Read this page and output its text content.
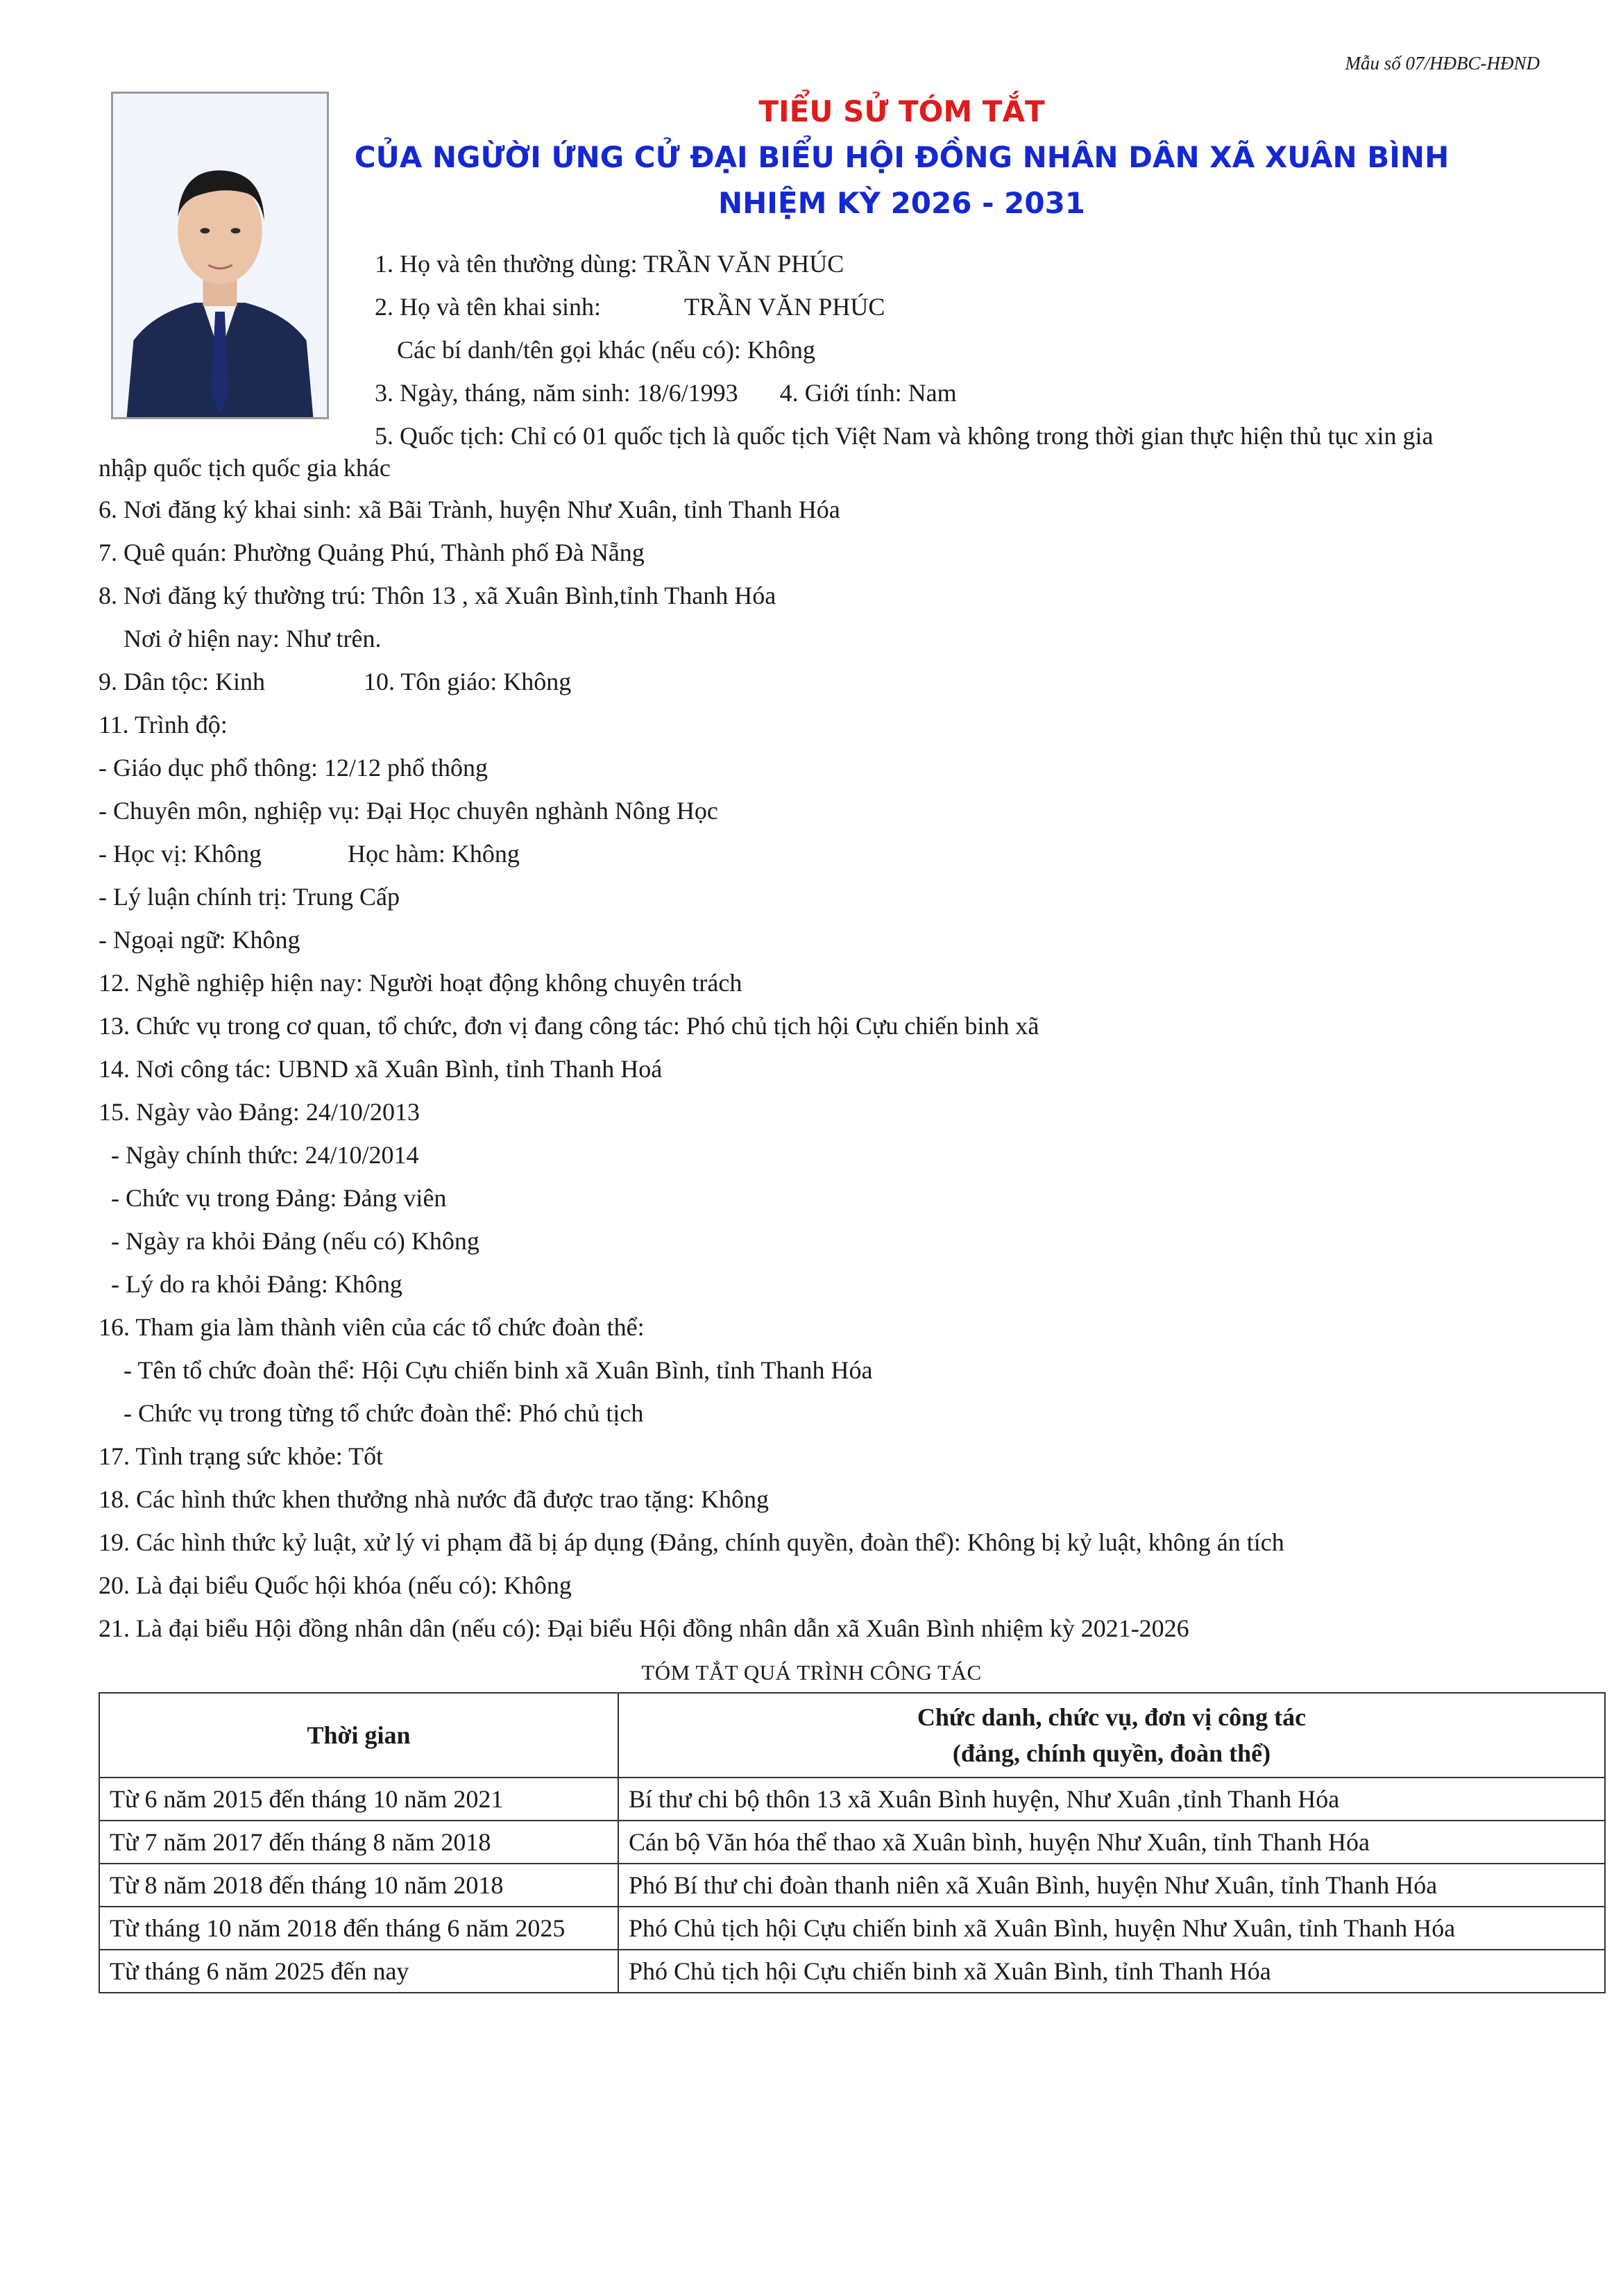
Mẫu số 07/HĐBC-HĐND
TIỂU SỬ TÓM TẮT
CỦA NGỪỜI ỨNG CỬ ĐẠI BIỂU HỘI ĐỒNG NHÂN DÂN XÃ XUÂN BÌNH
NHIỆM KỲ 2026 - 2031
1. Họ và tên thường dùng: TRẦN VĂN PHÚC
2. Họ và tên khai sinh:	TRẦN VĂN PHÚC
Các bí danh/tên gọi khác (nếu có): Không
3. Ngày, tháng, năm sinh: 18/6/1993 4. Giới tính: Nam
5. Quốc tịch: Chỉ có 01 quốc tịch là quốc tịch Việt Nam và không trong thời gian thực hiện thủ tục xin gia
nhập quốc tịch quốc gia khác
6. Nơi đăng ký khai sinh: xã Bãi Trành, huyện Như Xuân, tỉnh Thanh Hóa
7. Quê quán: Phường Quảng Phú, Thành phố Đà Nẵng
8. Nơi đăng ký thường trú: Thôn 13 , xã Xuân Bình,tỉnh Thanh Hóa
Nơi ở hiện nay: Như trên.
9. Dân tộc: Kinh	10. Tôn giáo: Không
11. Trình độ:
- Giáo dục phổ thông: 12/12 phổ thông
- Chuyên môn, nghiệp vụ: Đại Học chuyên nghành Nông Học
- Học vị: Không	Học hàm: Không
- Lý luận chính trị: Trung Cấp
- Ngoại ngữ: Không
12. Nghề nghiệp hiện nay: Người hoạt động không chuyên trách
13. Chức vụ trong cơ quan, tổ chức, đơn vị đang công tác: Phó chủ tịch hội Cựu chiến binh xã
14. Nơi công tác: UBND xã Xuân Bình, tỉnh Thanh Hoá
15. Ngày vào Đảng: 24/10/2013
- Ngày chính thức: 24/10/2014
- Chức vụ trong Đảng: Đảng viên
- Ngày ra khỏi Đảng (nếu có) Không
- Lý do ra khỏi Đảng: Không
16. Tham gia làm thành viên của các tổ chức đoàn thể:
- Tên tổ chức đoàn thể: Hội Cựu chiến binh xã Xuân Bình, tỉnh Thanh Hóa
- Chức vụ trong từng tổ chức đoàn thể: Phó chủ tịch
17. Tình trạng sức khỏe: Tốt
18. Các hình thức khen thưởng nhà nước đã được trao tặng: Không
19. Các hình thức kỷ luật, xử lý vi phạm đã bị áp dụng (Đảng, chính quyền, đoàn thể): Không bị kỷ luật, không án tích
20. Là đại biểu Quốc hội khóa (nếu có): Không
21. Là đại biểu Hội đồng nhân dân (nếu có): Đại biểu Hội đồng nhân dẫn xã Xuân Bình nhiệm kỳ 2021-2026
TÓM TẮT QUÁ TRÌNH CÔNG TÁC
Thời gian	Chức danh, chức vụ, đơn vị công tác
(đảng, chính quyền, đoàn thể)

Từ 6 năm 2015 đến tháng 10 năm 2021	Bí thư chi bộ thôn 13 xã Xuân Bình huyện, Như Xuân ,tỉnh Thanh Hóa
Từ 7 năm 2017 đến tháng 8 năm 2018	Cán bộ Văn hóa thể thao xã Xuân bình, huyện Như Xuân, tỉnh Thanh Hóa
Từ 8 năm 2018 đến tháng 10 năm 2018	Phó Bí thư chi đoàn thanh niên xã Xuân Bình, huyện Như Xuân, tỉnh Thanh Hóa
Từ tháng 10 năm 2018 đến tháng 6 năm 2025	Phó Chủ tịch hội Cựu chiến binh xã Xuân Bình, huyện Như Xuân, tỉnh Thanh Hóa
Từ tháng 6 năm 2025 đến nay	Phó Chủ tịch hội Cựu chiến binh xã Xuân Bình, tỉnh Thanh Hóa
